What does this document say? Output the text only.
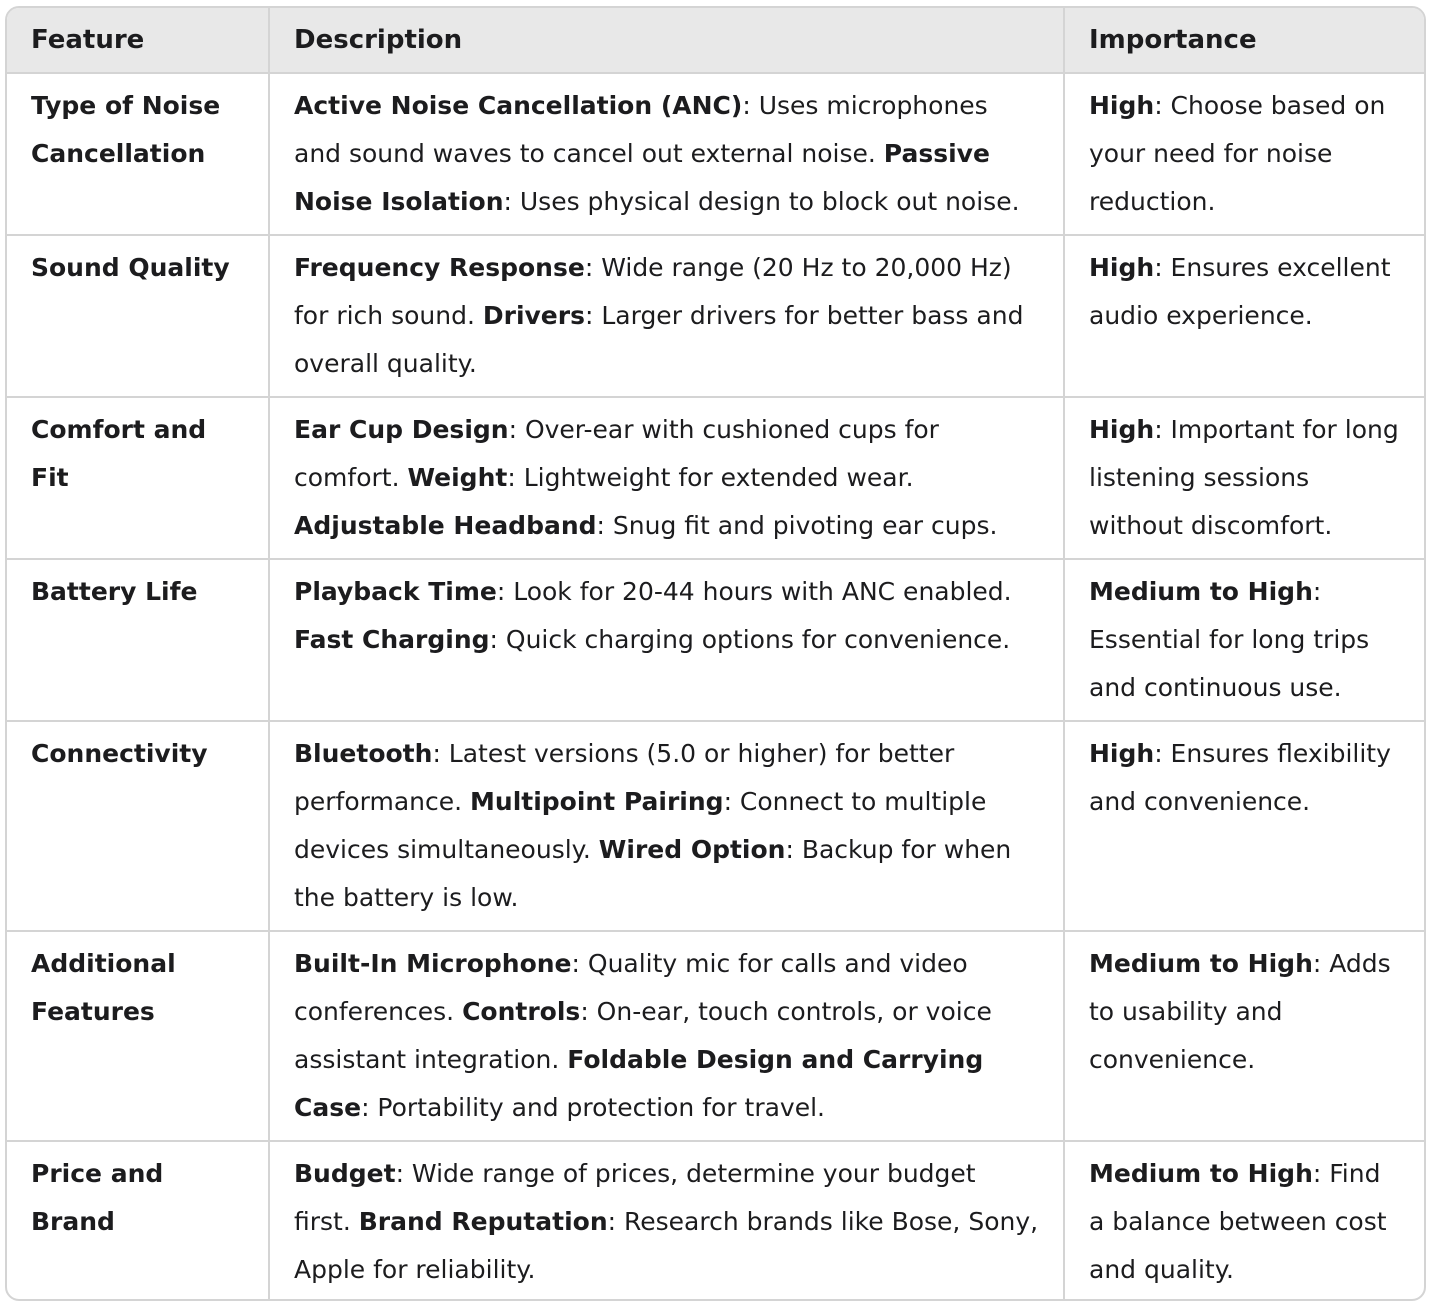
Feature	Description	Importance
Type of Noise Cancellation	Active Noise Cancellation (ANC): Uses microphones and sound waves to cancel out external noise. Passive Noise Isolation: Uses physical design to block out noise.	High: Choose based on your need for noise reduction.
Sound Quality	Frequency Response: Wide range (20 Hz to 20,000 Hz) for rich sound. Drivers: Larger drivers for better bass and overall quality.	High: Ensures excellent audio experience.
Comfort and Fit	Ear Cup Design: Over-ear with cushioned cups for comfort. Weight: Lightweight for extended wear. Adjustable Headband: Snug fit and pivoting ear cups.	High: Important for long listening sessions without discomfort.
Battery Life	Playback Time: Look for 20-44 hours with ANC enabled. Fast Charging: Quick charging options for convenience.	Medium to High: Essential for long trips and continuous use.
Connectivity	Bluetooth: Latest versions (5.0 or higher) for better performance. Multipoint Pairing: Connect to multiple devices simultaneously. Wired Option: Backup for when the battery is low.	High: Ensures flexibility and convenience.
Additional Features	Built-In Microphone: Quality mic for calls and video conferences. Controls: On-ear, touch controls, or voice assistant integration. Foldable Design and Carrying Case: Portability and protection for travel.	Medium to High: Adds to usability and convenience.
Price and Brand	Budget: Wide range of prices, determine your budget first. Brand Reputation: Research brands like Bose, Sony, Apple for reliability.	Medium to High: Find a balance between cost and quality.
